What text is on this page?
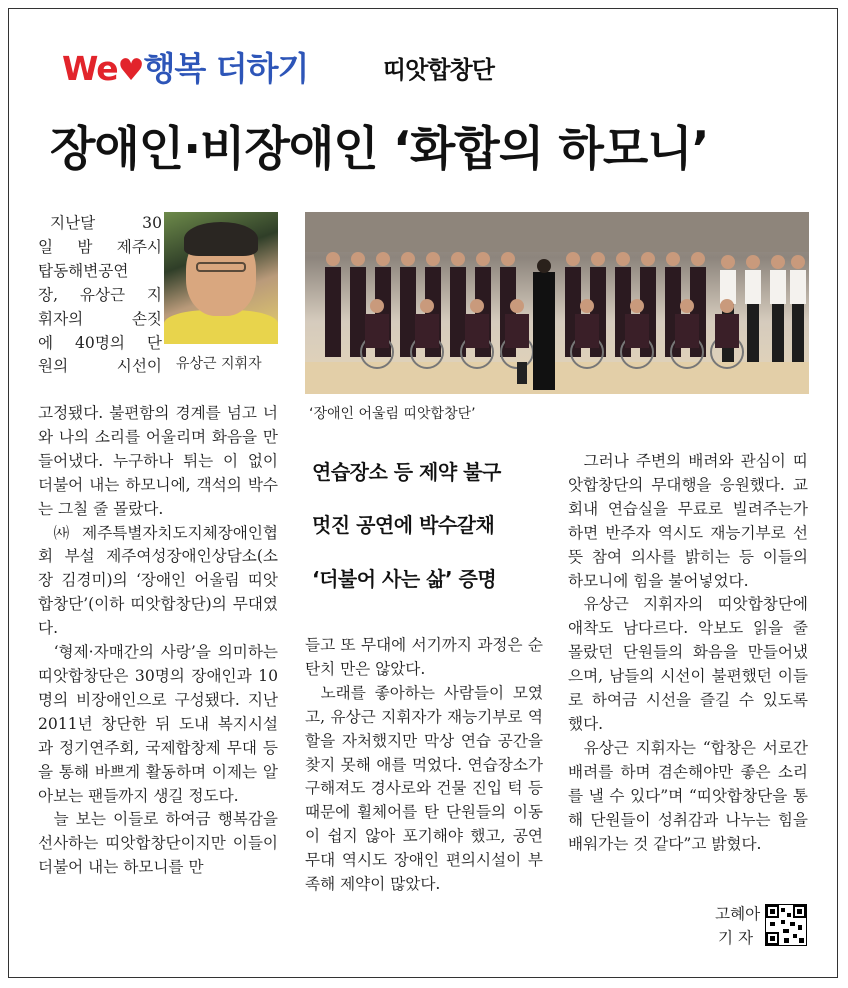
We♥행복 더하기	띠앗합창단
장애인·비장애인 ‘화합의 하모니’
지난달 30
일 밤 제주시
탑동해변공연
장, 유상근 지
휘자의 손짓
에 40명의 단
원의 시선이 유상근 지휘자

고정됐다. 불편함의 경계를 넘고 너와 나의 소리를 어울리며 화음을 만들어냈다. 누구하나 튀는 이 없이 더불어 내는 하모니에, 객석의 박수는 그칠 줄 몰랐다.

㈔제주특별자치도지체장애인협회 부설 제주여성장애인상담소(소장 김경미)의 ‘장애인 어울림 띠앗합창단’(이하 띠앗합창단)의 무대였다.

‘형제·자매간의 사랑’을 의미하는 띠앗합창단은 30명의 장애인과 10명의 비장애인으로 구성됐다. 지난 2011년 창단한 뒤 도내 복지시설과 정기연주회, 국제합창제 무대 등을 통해 바쁘게 활동하며 이제는 알아보는 팬들까지 생길 정도다.

늘 보는 이들로 하여금 행복감을 선사하는 띠앗합창단이지만 이들이 더불어 내는 하모니를 만

‘장애인 어울림 띠앗합창단’
연습장소 등 제약 불구
멋진 공연에 박수갈채
‘더불어 사는 삶’ 증명

들고 또 무대에 서기까지 과정은 순탄치 만은 않았다.

노래를 좋아하는 사람들이 모였고, 유상근 지휘자가 재능기부로 역할을 자처했지만 막상 연습 공간을 찾지 못해 애를 먹었다. 연습장소가 구해져도 경사로와 건물 진입 턱 등 때문에 휠체어를 탄 단원들의 이동이 쉽지 않아 포기해야 했고, 공연 무대 역시도 장애인 편의시설이 부족해 제약이 많았다.

그러나 주변의 배려와 관심이 띠앗합창단의 무대행을 응원했다. 교회내 연습실을 무료로 빌려주는가 하면 반주자 역시도 재능기부로 선뜻 참여 의사를 밝히는 등 이들의 하모니에 힘을 불어넣었다.

유상근 지휘자의 띠앗합창단에 애착도 남다르다. 악보도 읽을 줄 몰랐던 단원들의 화음을 만들어냈으며, 남들의 시선이 불편했던 이들로 하여금 시선을 즐길 수 있도록 했다.

유상근 지휘자는 “합창은 서로간 배려를 하며 겸손해야만 좋은 소리를 낼 수 있다”며 “띠앗합창단을 통해 단원들이 성취감과 나누는 힘을 배워가는 것 같다”고 밝혔다.

고혜아
기 자
